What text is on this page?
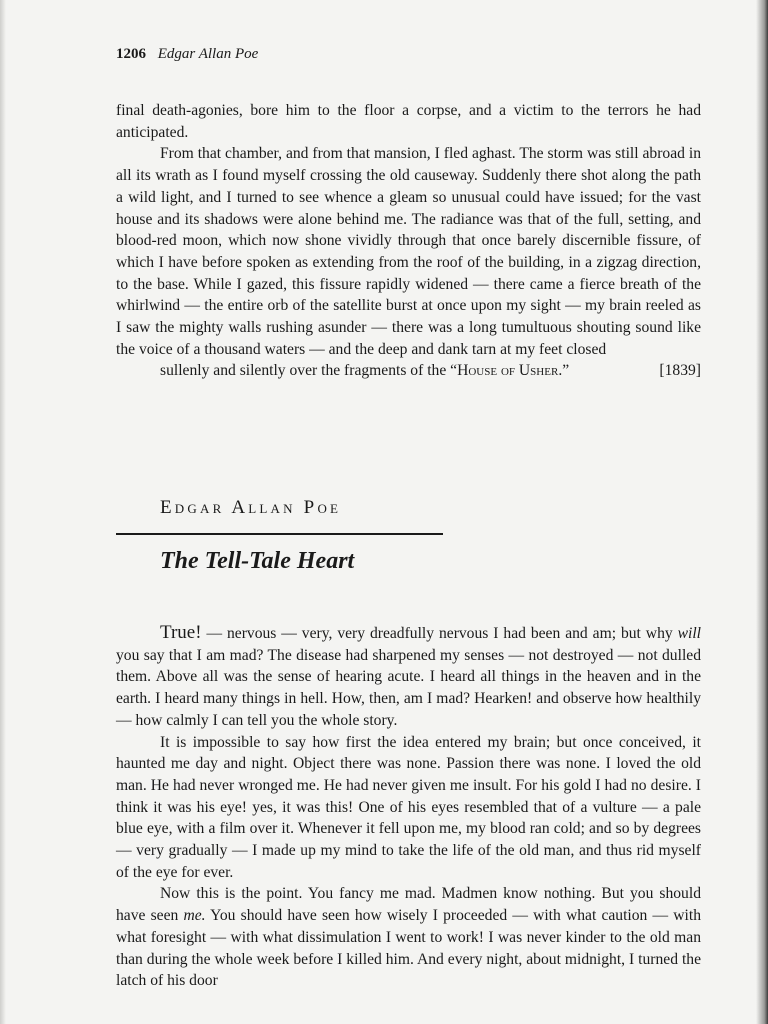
1206 Edgar Allan Poe

final death-agonies, bore him to the floor a corpse, and a victim to the terrors he had anticipated.

From that chamber, and from that mansion, I fled aghast. The storm was still abroad in all its wrath as I found myself crossing the old causeway. Suddenly there shot along the path a wild light, and I turned to see whence a gleam so unusual could have issued; for the vast house and its shadows were alone behind me. The radiance was that of the full, setting, and blood-red moon, which now shone vividly through that once barely discernible fissure, of which I have before spoken as extending from the roof of the building, in a zigzag direction, to the base. While I gazed, this fissure rapidly widened — there came a fierce breath of the whirlwind — the entire orb of the satellite burst at once upon my sight — my brain reeled as I saw the mighty walls rushing asunder — there was a long tumultuous shouting sound like the voice of a thousand waters — and the deep and dank tarn at my feet closed
sullenly and silently over the fragments of the “House of Usher.”	[1839]

Edgar Allan Poe
The Tell-Tale Heart

True! — nervous — very, very dreadfully nervous I had been and am; but why will you say that I am mad? The disease had sharpened my senses — not destroyed — not dulled them. Above all was the sense of hearing acute. I heard all things in the heaven and in the earth. I heard many things in hell. How, then, am I mad? Hearken! and observe how healthily — how calmly I can tell you the whole story.

It is impossible to say how first the idea entered my brain; but once conceived, it haunted me day and night. Object there was none. Passion there was none. I loved the old man. He had never wronged me. He had never given me insult. For his gold I had no desire. I think it was his eye! yes, it was this! One of his eyes resembled that of a vulture — a pale blue eye, with a film over it. Whenever it fell upon me, my blood ran cold; and so by degrees — very gradually — I made up my mind to take the life of the old man, and thus rid myself of the eye for ever.

Now this is the point. You fancy me mad. Madmen know nothing. But you should have seen me. You should have seen how wisely I proceeded — with what caution — with what foresight — with what dissimulation I went to work! I was never kinder to the old man than during the whole week before I killed him. And every night, about midnight, I turned the latch of his door
